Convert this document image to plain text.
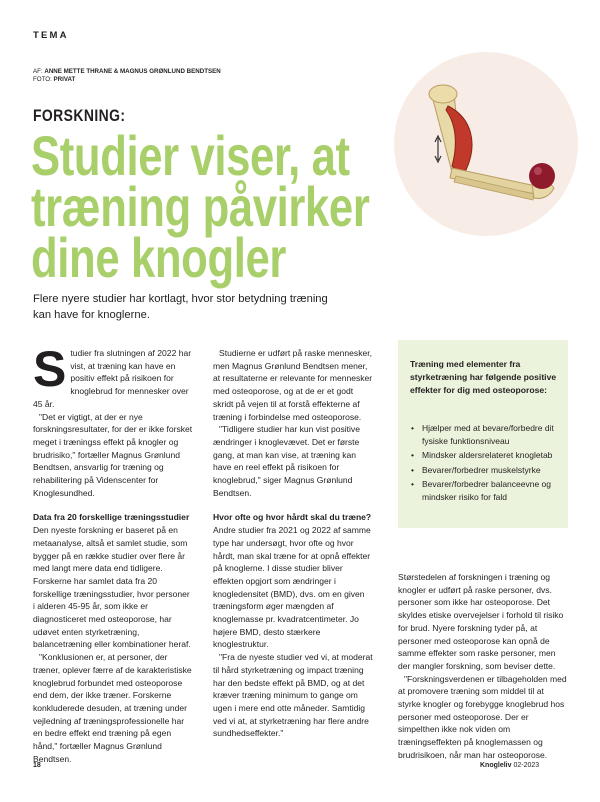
TEMA
AF: ANNE METTE THRANE & MAGNUS GRØNLUND BENDTSEN
FOTO: PRIVAT
FORSKNING:
Studier viser, at
træning påvirker
dine knogler
Flere nyere studier har kortlagt, hvor stor betydning træning kan have for knoglerne.

Studier fra slutningen af 2022 har vist, at træning kan have en positiv effekt på risikoen for knoglebrud for mennesker over 45 år.

"Det er vigtigt, at der er nye forskningsresultater, for der er ikke forsket meget i træningss effekt på knogler og brudrisiko," fortæller Magnus Grønlund Bendtsen, ansvarlig for træning og rehabilitering på Videnscenter for Knoglesundhed.

Data fra 20 forskellige træningsstudier

Den nyeste forskning er baseret på en metaanalyse, altså et samlet studie, som bygger på en række studier over flere år med langt mere data end tidligere. Forskerne har samlet data fra 20 forskellige træningsstudier, hvor personer i alderen 45-95 år, som ikke er diagnosticeret med osteoporose, har udøvet enten styrketræning, balancetræning eller kombinationer heraf.

"Konklusionen er, at personer, der træner, oplever færre af de karakteristiske knoglebrud forbundet med osteoporose end dem, der ikke træner. Forskerne konkluderede desuden, at træning under vejledning af træningsprofessionelle har en bedre effekt end træning på egen hånd," fortæller Magnus Grønlund Bendtsen.

Studierne er udført på raske mennesker, men Magnus Grønlund Bendtsen mener, at resultaterne er relevante for mennesker med osteoporose, og at de er et godt skridt på vejen til at forstå effekterne af træning i forbindelse med osteoporose.

"Tidligere studier har kun vist positive ændringer i knoglevævet. Det er første gang, at man kan vise, at træning kan have en reel effekt på risikoen for knoglebrud," siger Magnus Grønlund Bendtsen.

Hvor ofte og hvor hårdt skal du træne?

Andre studier fra 2021 og 2022 af samme type har undersøgt, hvor ofte og hvor hårdt, man skal træne for at opnå effekter på knoglerne. I disse studier bliver effekten opgjort som ændringer i knogledensitet (BMD), dvs. om en given træningsform øger mængden af knoglemasse pr. kvadratcentimeter. Jo højere BMD, desto stærkere knoglestruktur.

"Fra de nyeste studier ved vi, at moderat til hård styrketræning og impact træning har den bedste effekt på BMD, og at det kræver træning minimum to gange om ugen i mere end otte måneder. Samtidig ved vi at, at styrketræning har flere andre sundhedseffekter."

Træning med elementer fra styrketræning har følgende positive effekter for dig med osteoporose:
• Hjælper med at bevare/forbedre dit fysiske funktionsniveau
• Mindsker aldersrelateret knogletab
• Bevarer/forbedrer muskelstyrke
• Bevarer/forbedrer balanceevne og mindsker risiko for fald

Størstedelen af forskningen i træning og knogler er udført på raske personer, dvs. personer som ikke har osteoporose. Det skyldes etiske overvejelser i forhold til risiko for brud. Nyere forskning tyder på, at personer med osteoporose kan opnå de samme effekter som raske personer, men der mangler forskning, som beviser dette.

"Forskningsverdenen er tilbageholden med at promovere træning som middel til at styrke knogler og forebygge knoglebrud hos personer med osteoporose. Der er simpelthen ikke nok viden om træningseffekten på knoglemassen og brudrisikoen, når man har osteoporose.

18	Knogleliv 02-2023
